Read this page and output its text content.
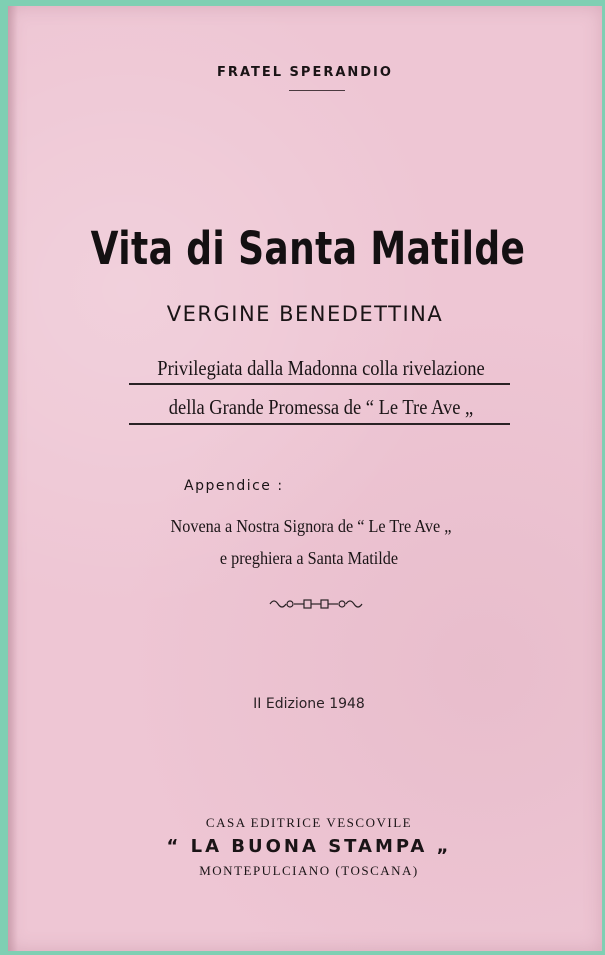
FRATEL SPERANDIO
Vita di Santa Matilde
VERGINE BENEDETTINA
Privilegiata dalla Madonna colla rivelazione
della Grande Promessa de “ Le Tre Ave „
Appendice :
Novena a Nostra Signora de “ Le Tre Ave „
e preghiera a Santa Matilde
II Edizione 1948
CASA EDITRICE VESCOVILE
“ LA BUONA STAMPA „
MONTEPULCIANO (TOSCANA)
